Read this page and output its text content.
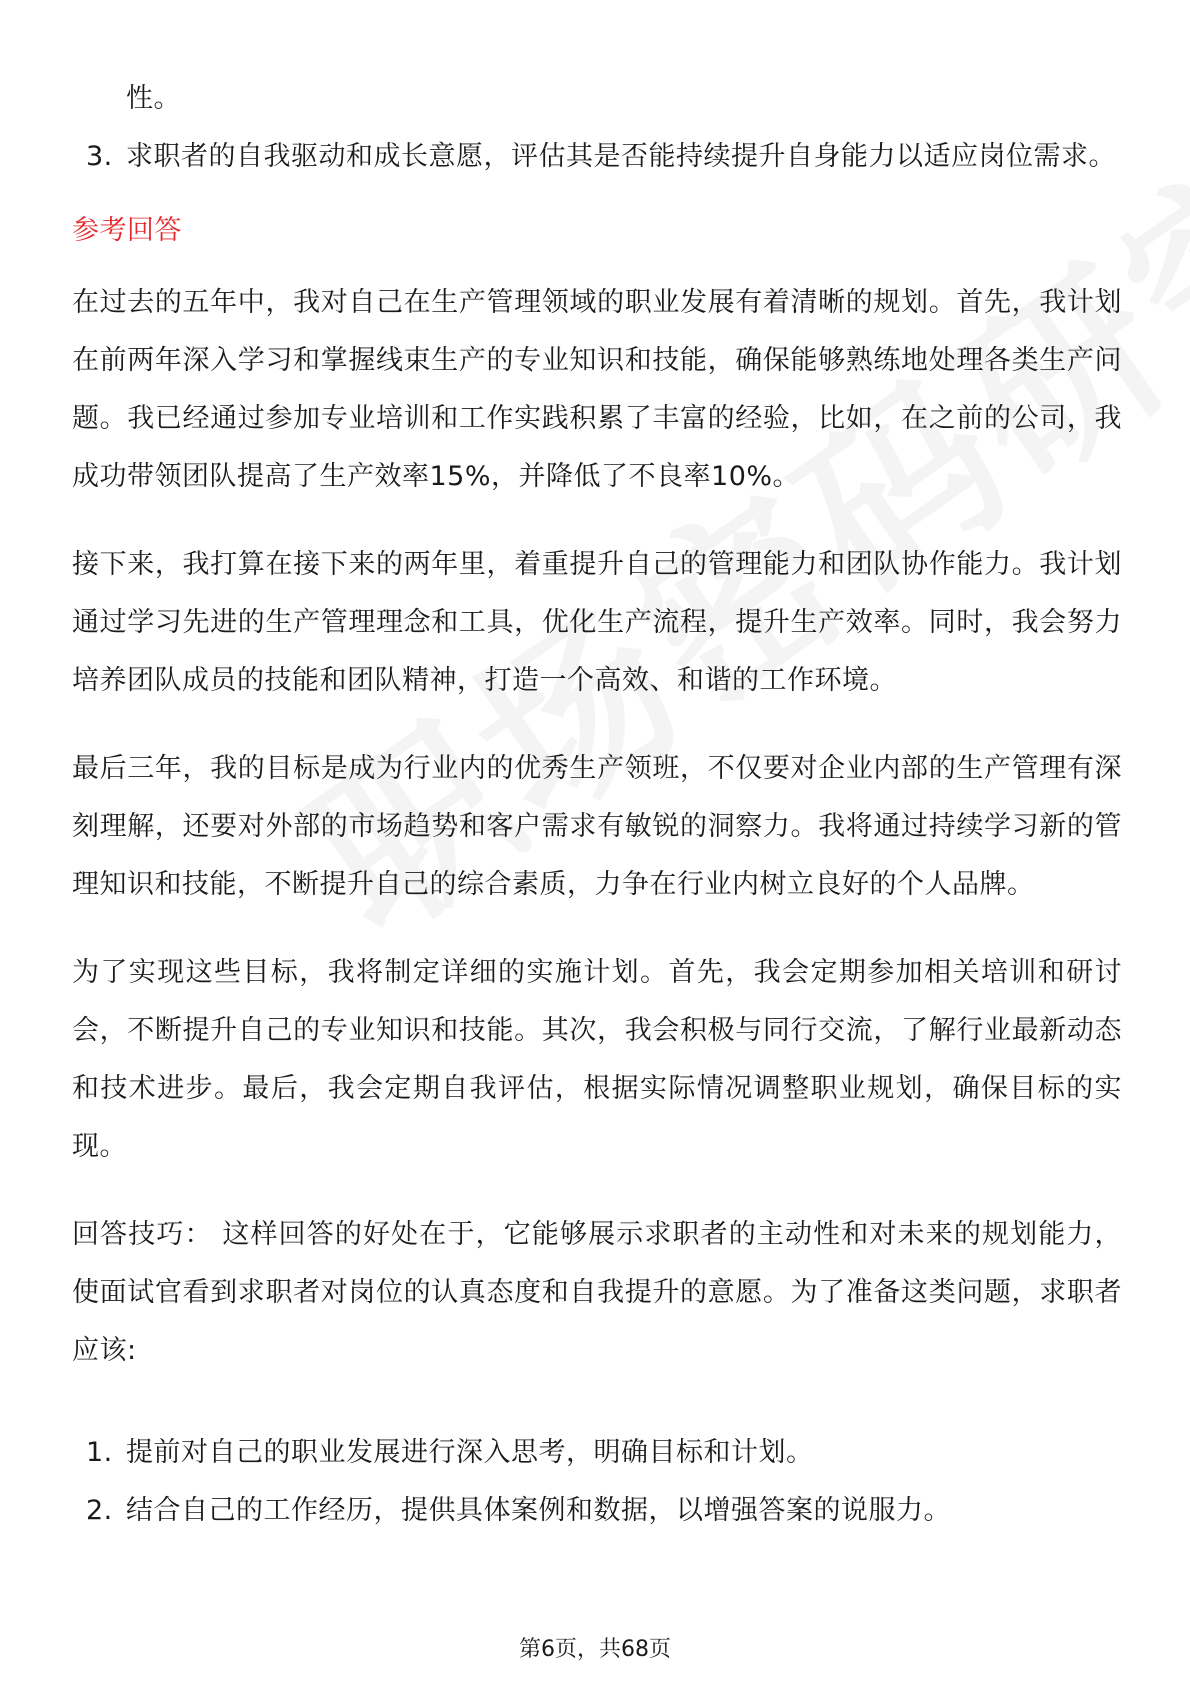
性。
3. 求职者的自我驱动和成长意愿，评估其是否能持续提升自身能力以适应岗位需求。
参考回答

在过去的五年中，我对自己在生产管理领域的职业发展有着清晰的规划。首先，我计划在前两年深入学习和掌握线束生产的专业知识和技能，确保能够熟练地处理各类生产问题。我已经通过参加专业培训和工作实践积累了丰富的经验，比如，在之前的公司，我成功带领团队提高了生产效率15%，并降低了不良率10%。

接下来，我打算在接下来的两年里，着重提升自己的管理能力和团队协作能力。我计划通过学习先进的生产管理理念和工具，优化生产流程，提升生产效率。同时，我会努力培养团队成员的技能和团队精神，打造一个高效、和谐的工作环境。

最后三年，我的目标是成为行业内的优秀生产领班，不仅要对企业内部的生产管理有深刻理解，还要对外部的市场趋势和客户需求有敏锐的洞察力。我将通过持续学习新的管理知识和技能，不断提升自己的综合素质，力争在行业内树立良好的个人品牌。

为了实现这些目标，我将制定详细的实施计划。首先，我会定期参加相关培训和研讨会，不断提升自己的专业知识和技能。其次，我会积极与同行交流，了解行业最新动态和技术进步。最后，我会定期自我评估，根据实际情况调整职业规划，确保目标的实现。

回答技巧： 这样回答的好处在于，它能够展示求职者的主动性和对未来的规划能力，使面试官看到求职者对岗位的认真态度和自我提升的意愿。为了准备这类问题，求职者应该:

1. 提前对自己的职业发展进行深入思考，明确目标和计划。
2. 结合自己的工作经历，提供具体案例和数据，以增强答案的说服力。
第6页，共68页
